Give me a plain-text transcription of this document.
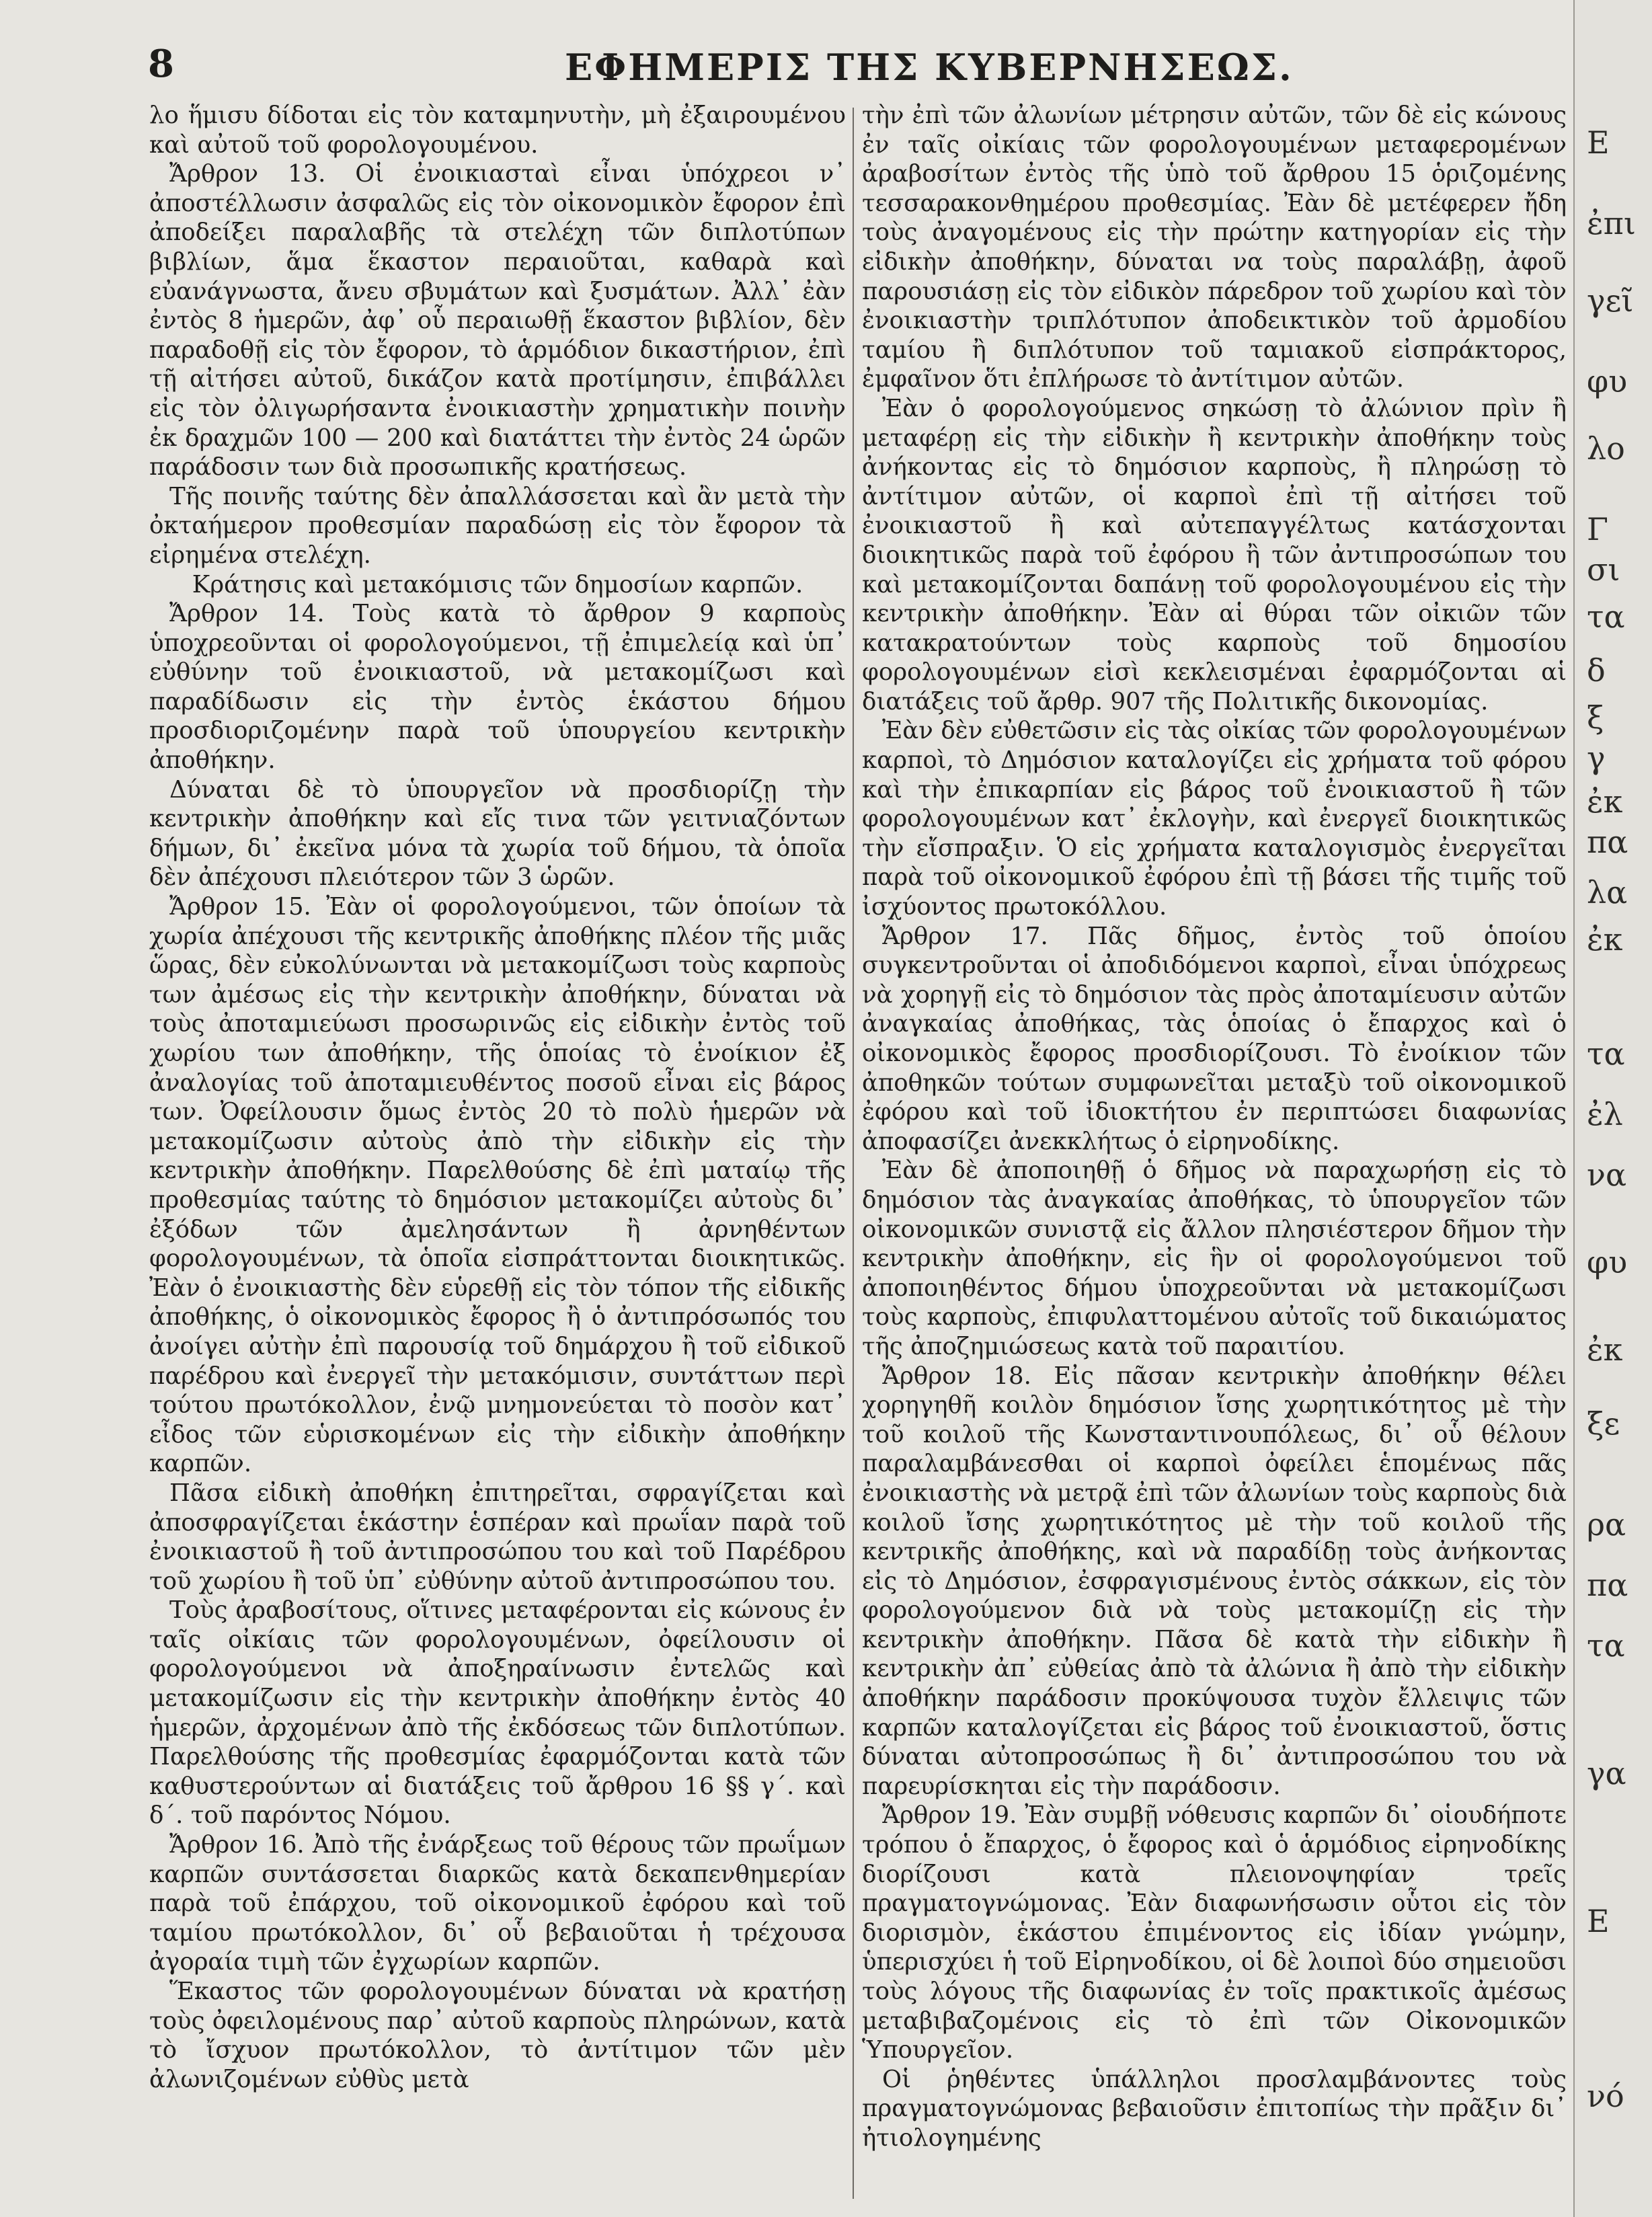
8	ΕΦΗΜΕΡΙΣ ΤΗΣ ΚΥΒΕΡΝΗΣΕΩΣ.

λο ἥμισυ δίδοται εἰς τὸν καταμηνυτὴν, μὴ ἐξαιρουμένου καὶ αὐτοῦ τοῦ φορολογουμένου.

Ἄρθρον 13. Οἱ ἐνοικιασταὶ εἶναι ὑπόχρεοι ν᾿ ἀποστέλλωσιν ἀσφαλῶς εἰς τὸν οἰκονομικὸν ἔφορον ἐπὶ ἀποδείξει παραλαβῆς τὰ στελέχη τῶν διπλοτύπων βιβλίων, ἅμα ἕκαστον περαιοῦται, καθαρὰ καὶ εὐανάγνωστα, ἄνευ σβυμάτων καὶ ξυσμάτων. Ἀλλ᾿ ἐὰν ἐντὸς 8 ἡμερῶν, ἀφ᾿ οὗ περαιωθῇ ἕκαστον βιβλίον, δὲν παραδοθῇ εἰς τὸν ἔφορον, τὸ ἁρμόδιον δικαστήριον, ἐπὶ τῇ αἰτήσει αὐτοῦ, δικάζον κατὰ προτίμησιν, ἐπιβάλλει εἰς τὸν ὀλιγωρήσαντα ἐνοικιαστὴν χρηματικὴν ποινὴν ἐκ δραχμῶν 100 — 200 καὶ διατάττει τὴν ἐντὸς 24 ὡρῶν παράδοσιν των διὰ προσωπικῆς κρατήσεως.

Τῆς ποινῆς ταύτης δὲν ἀπαλλάσσεται καὶ ἂν μετὰ τὴν ὀκταήμερον προθεσμίαν παραδώσῃ εἰς τὸν ἔφορον τὰ εἰρημένα στελέχη.

Κράτησις καὶ μετακόμισις τῶν δημοσίων καρπῶν.

Ἄρθρον 14. Τοὺς κατὰ τὸ ἄρθρον 9 καρποὺς ὑποχρεοῦνται οἱ φορολογούμενοι, τῇ ἐπιμελείᾳ καὶ ὑπ᾿ εὐθύνην τοῦ ἐνοικιαστοῦ, νὰ μετακομίζωσι καὶ παραδίδωσιν εἰς τὴν ἐντὸς ἑκάστου δήμου προσδιοριζομένην παρὰ τοῦ ὑπουργείου κεντρικὴν ἀποθήκην.

Δύναται δὲ τὸ ὑπουργεῖον νὰ προσδιορίζῃ τὴν κεντρικὴν ἀποθήκην καὶ εἴς τινα τῶν γειτνιαζόντων δήμων, δι᾿ ἐκεῖνα μόνα τὰ χωρία τοῦ δήμου, τὰ ὁποῖα δὲν ἀπέχουσι πλειότερον τῶν 3 ὡρῶν.

Ἄρθρον 15. Ἐὰν οἱ φορολογούμενοι, τῶν ὁποίων τὰ χωρία ἀπέχουσι τῆς κεντρικῆς ἀποθήκης πλέον τῆς μιᾶς ὥρας, δὲν εὐκολύνωνται νὰ μετακομίζωσι τοὺς καρποὺς των ἀμέσως εἰς τὴν κεντρικὴν ἀποθήκην, δύναται νὰ τοὺς ἀποταμιεύωσι προσωρινῶς εἰς εἰδικὴν ἐντὸς τοῦ χωρίου των ἀποθήκην, τῆς ὁποίας τὸ ἐνοίκιον ἐξ ἀναλογίας τοῦ ἀποταμιευθέντος ποσοῦ εἶναι εἰς βάρος των. Ὀφείλουσιν ὅμως ἐντὸς 20 τὸ πολὺ ἡμερῶν νὰ μετακομίζωσιν αὐτοὺς ἀπὸ τὴν εἰδικὴν εἰς τὴν κεντρικὴν ἀποθήκην. Παρελθούσης δὲ ἐπὶ ματαίῳ τῆς προθεσμίας ταύτης τὸ δημόσιον μετακομίζει αὐτοὺς δι᾿ ἐξόδων τῶν ἀμελησάντων ἢ ἀρνηθέντων φορολογουμένων, τὰ ὁποῖα εἰσπράττονται διοικητικῶς. Ἐὰν ὁ ἐνοικιαστὴς δὲν εὑρεθῇ εἰς τὸν τόπον τῆς εἰδικῆς ἀποθήκης, ὁ οἰκονομικὸς ἔφορος ἢ ὁ ἀντιπρόσωπός του ἀνοίγει αὐτὴν ἐπὶ παρουσίᾳ τοῦ δημάρχου ἢ τοῦ εἰδικοῦ παρέδρου καὶ ἐνεργεῖ τὴν μετακόμισιν, συντάττων περὶ τούτου πρωτόκολλον, ἐνῷ μνημονεύεται τὸ ποσὸν κατ᾿ εἶδος τῶν εὑρισκομένων εἰς τὴν εἰδικὴν ἀποθήκην καρπῶν.

Πᾶσα εἰδικὴ ἀποθήκη ἐπιτηρεῖται, σφραγίζεται καὶ ἀποσφραγίζεται ἑκάστην ἑσπέραν καὶ πρωΐαν παρὰ τοῦ ἐνοικιαστοῦ ἢ τοῦ ἀντιπροσώπου του καὶ τοῦ Παρέδρου τοῦ χωρίου ἢ τοῦ ὑπ᾿ εὐθύνην αὐτοῦ ἀντιπροσώπου του.

Τοὺς ἀραβοσίτους, οἵτινες μεταφέρονται εἰς κώνους ἐν ταῖς οἰκίαις τῶν φορολογουμένων, ὀφείλουσιν οἱ φορολογούμενοι νὰ ἀποξηραίνωσιν ἐντελῶς καὶ μετακομίζωσιν εἰς τὴν κεντρικὴν ἀποθήκην ἐντὸς 40 ἡμερῶν, ἀρχομένων ἀπὸ τῆς ἐκδόσεως τῶν διπλοτύπων. Παρελθούσης τῆς προθεσμίας ἐφαρμόζονται κατὰ τῶν καθυστερούντων αἱ διατάξεις τοῦ ἄρθρου 16 §§ γ΄. καὶ δ΄. τοῦ παρόντος Νόμου.

Ἄρθρον 16. Ἀπὸ τῆς ἐνάρξεως τοῦ θέρους τῶν πρωΐμων καρπῶν συντάσσεται διαρκῶς κατὰ δεκαπενθημερίαν παρὰ τοῦ ἐπάρχου, τοῦ οἰκονομικοῦ ἐφόρου καὶ τοῦ ταμίου πρωτόκολλον, δι᾿ οὗ βεβαιοῦται ἡ τρέχουσα ἀγοραία τιμὴ τῶν ἐγχωρίων καρπῶν.

Ἕκαστος τῶν φορολογουμένων δύναται νὰ κρατήσῃ τοὺς ὀφειλομένους παρ᾿ αὐτοῦ καρποὺς πληρώνων, κατὰ τὸ ἴσχυον πρωτόκολλον, τὸ ἀντίτιμον τῶν μὲν ἀλωνιζομένων εὐθὺς μετὰ

τὴν ἐπὶ τῶν ἀλωνίων μέτρησιν αὐτῶν, τῶν δὲ εἰς κώνους ἐν ταῖς οἰκίαις τῶν φορολογουμένων μεταφερομένων ἀραβοσίτων ἐντὸς τῆς ὑπὸ τοῦ ἄρθρου 15 ὁριζομένης τεσσαρακονθημέρου προθεσμίας. Ἐὰν δὲ μετέφερεν ἤδη τοὺς ἀναγομένους εἰς τὴν πρώτην κατηγορίαν εἰς τὴν εἰδικὴν ἀποθήκην, δύναται να τοὺς παραλάβῃ, ἀφοῦ παρουσιάσῃ εἰς τὸν εἰδικὸν πάρεδρον τοῦ χωρίου καὶ τὸν ἐνοικιαστὴν τριπλότυπον ἀποδεικτικὸν τοῦ ἀρμοδίου ταμίου ἢ διπλότυπον τοῦ ταμιακοῦ εἰσπράκτορος, ἐμφαῖνον ὅτι ἐπλήρωσε τὸ ἀντίτιμον αὐτῶν.

Ἐὰν ὁ φορολογούμενος σηκώσῃ τὸ ἀλώνιον πρὶν ἢ μεταφέρῃ εἰς τὴν εἰδικὴν ἢ κεντρικὴν ἀποθήκην τοὺς ἀνήκοντας εἰς τὸ δημόσιον καρποὺς, ἢ πληρώσῃ τὸ ἀντίτιμον αὐτῶν, οἱ καρποὶ ἐπὶ τῇ αἰτήσει τοῦ ἐνοικιαστοῦ ἢ καὶ αὐτεπαγγέλτως κατάσχονται διοικητικῶς παρὰ τοῦ ἐφόρου ἢ τῶν ἀντιπροσώπων του καὶ μετακομίζονται δαπάνῃ τοῦ φορολογουμένου εἰς τὴν κεντρικὴν ἀποθήκην. Ἐὰν αἱ θύραι τῶν οἰκιῶν τῶν κατακρατούντων τοὺς καρποὺς τοῦ δημοσίου φορολογουμένων εἰσὶ κεκλεισμέναι ἐφαρμόζονται αἱ διατάξεις τοῦ ἄρθρ. 907 τῆς Πολιτικῆς δικονομίας.

Ἐὰν δὲν εὐθετῶσιν εἰς τὰς οἰκίας τῶν φορολογουμένων καρποὶ, τὸ Δημόσιον καταλογίζει εἰς χρήματα τοῦ φόρου καὶ τὴν ἐπικαρπίαν εἰς βάρος τοῦ ἐνοικιαστοῦ ἢ τῶν φορολογουμένων κατ᾿ ἐκλογὴν, καὶ ἐνεργεῖ διοικητικῶς τὴν εἴσπραξιν. Ὁ εἰς χρήματα καταλογισμὸς ἐνεργεῖται παρὰ τοῦ οἰκονομικοῦ ἐφόρου ἐπὶ τῇ βάσει τῆς τιμῆς τοῦ ἰσχύοντος πρωτοκόλλου.

Ἄρθρον 17. Πᾶς δῆμος, ἐντὸς τοῦ ὁποίου συγκεντροῦνται οἱ ἀποδιδόμενοι καρποὶ, εἶναι ὑπόχρεως νὰ χορηγῇ εἰς τὸ δημόσιον τὰς πρὸς ἀποταμίευσιν αὐτῶν ἀναγκαίας ἀποθήκας, τὰς ὁποίας ὁ ἔπαρχος καὶ ὁ οἰκονομικὸς ἔφορος προσδιορίζουσι. Τὸ ἐνοίκιον τῶν ἀποθηκῶν τούτων συμφωνεῖται μεταξὺ τοῦ οἰκονομικοῦ ἐφόρου καὶ τοῦ ἰδιοκτήτου ἐν περιπτώσει διαφωνίας ἀποφασίζει ἀνεκκλήτως ὁ εἰρηνοδίκης.

Ἐὰν δὲ ἀποποιηθῇ ὁ δῆμος νὰ παραχωρήσῃ εἰς τὸ δημόσιον τὰς ἀναγκαίας ἀποθήκας, τὸ ὑπουργεῖον τῶν οἰκονομικῶν συνιστᾷ εἰς ἄλλον πλησιέστερον δῆμον τὴν κεντρικὴν ἀποθήκην, εἰς ἣν οἱ φορολογούμενοι τοῦ ἀποποιηθέντος δήμου ὑποχρεοῦνται νὰ μετακομίζωσι τοὺς καρποὺς, ἐπιφυλαττομένου αὐτοῖς τοῦ δικαιώματος τῆς ἀποζημιώσεως κατὰ τοῦ παραιτίου.

Ἄρθρον 18. Εἰς πᾶσαν κεντρικὴν ἀποθήκην θέλει χορηγηθῆ κοιλὸν δημόσιον ἴσης χωρητικότητος μὲ τὴν τοῦ κοιλοῦ τῆς Κωνσταντινουπόλεως, δι᾿ οὗ θέλουν παραλαμβάνεσθαι οἱ καρποὶ ὀφείλει ἑπομένως πᾶς ἐνοικιαστὴς νὰ μετρᾷ ἐπὶ τῶν ἀλωνίων τοὺς καρποὺς διὰ κοιλοῦ ἴσης χωρητικότητος μὲ τὴν τοῦ κοιλοῦ τῆς κεντρικῆς ἀποθήκης, καὶ νὰ παραδίδῃ τοὺς ἀνήκοντας εἰς τὸ Δημόσιον, ἐσφραγισμένους ἐντὸς σάκκων, εἰς τὸν φορολογούμενον διὰ νὰ τοὺς μετακομίζῃ εἰς τὴν κεντρικὴν ἀποθήκην. Πᾶσα δὲ κατὰ τὴν εἰδικὴν ἢ κεντρικὴν ἀπ᾿ εὐθείας ἀπὸ τὰ ἀλώνια ἢ ἀπὸ τὴν εἰδικὴν ἀποθήκην παράδοσιν προκύψουσα τυχὸν ἔλλειψις τῶν καρπῶν καταλογίζεται εἰς βάρος τοῦ ἐνοικιαστοῦ, ὅστις δύναται αὐτοπροσώπως ἢ δι᾿ ἀντιπροσώπου του νὰ παρευρίσκηται εἰς τὴν παράδοσιν.

Ἄρθρον 19. Ἐὰν συμβῇ νόθευσις καρπῶν δι᾿ οἱουδήποτε τρόπου ὁ ἔπαρχος, ὁ ἔφορος καὶ ὁ ἁρμόδιος εἰρηνοδίκης διορίζουσι κατὰ πλειονοψηφίαν τρεῖς πραγματογνώμονας. Ἐὰν διαφωνήσωσιν οὗτοι εἰς τὸν διορισμὸν, ἑκάστου ἐπιμένοντος εἰς ἰδίαν γνώμην, ὑπερισχύει ἡ τοῦ Εἰρηνοδίκου, οἱ δὲ λοιποὶ δύο σημειοῦσι τοὺς λόγους τῆς διαφωνίας ἐν τοῖς πρακτικοῖς ἀμέσως μεταβιβαζομένοις εἰς τὸ ἐπὶ τῶν Οἰκονομικῶν Ὑπουργεῖον.

Οἱ ῥηθέντες ὑπάλληλοι προσλαμβάνοντες τοὺς πραγματογνώμονας βεβαιοῦσιν ἐπιτοπίως τὴν πρᾶξιν δι᾿ ἠτιολογημένης

Ε
ἐπι
γεῖ
φυ
λο
Γ
σι
τα
δ
ξ
γ
ἐκ
πα
λα
ἐκ
τα
ἐλ
να
φυ
ἐκ
ξε
ρα
πα
τα
γα
Ε
νό
